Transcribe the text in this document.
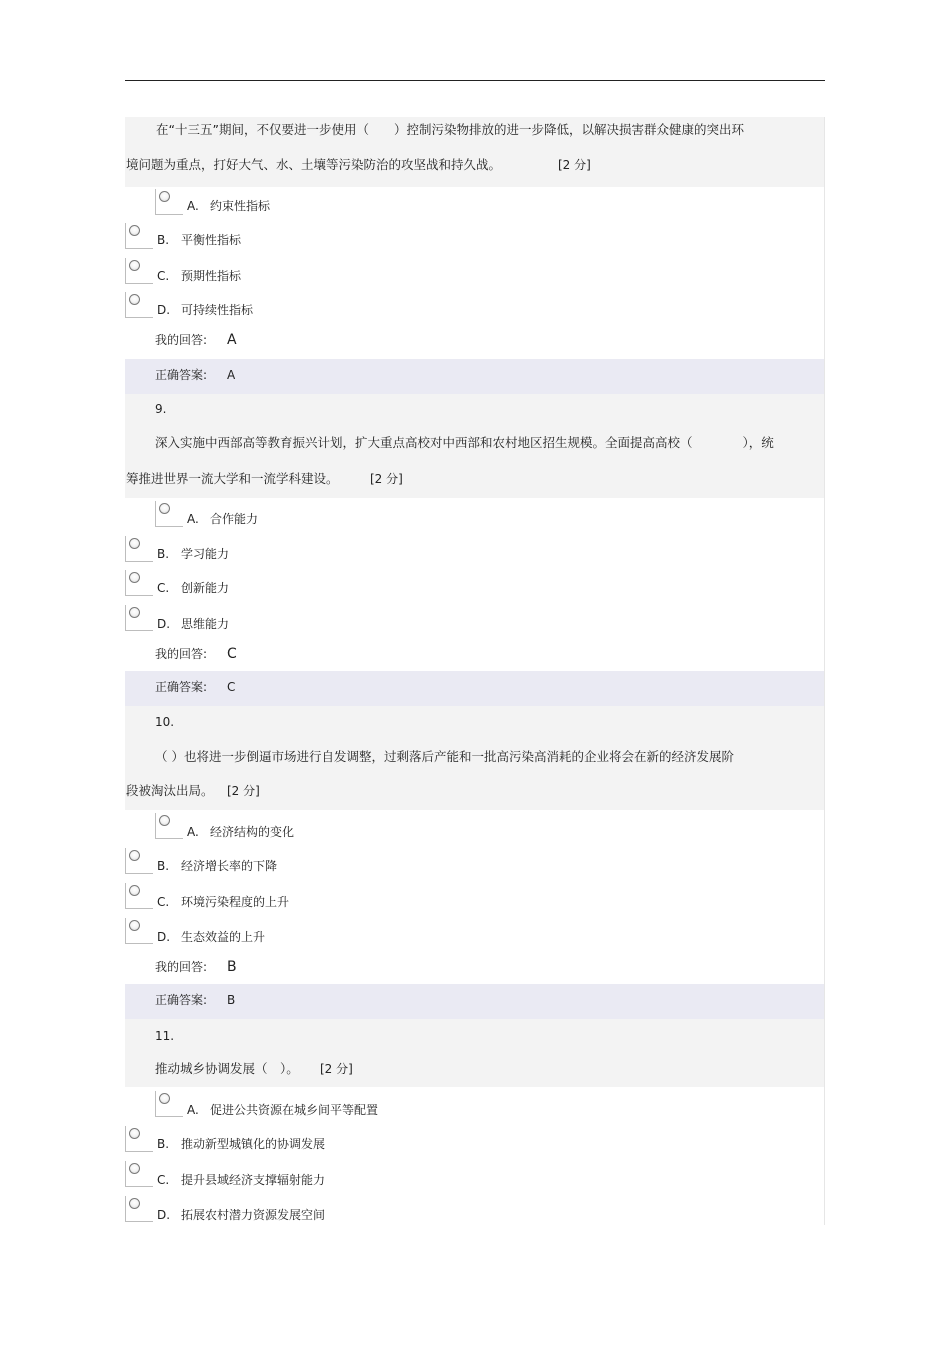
在“十三五”期间，不仅要进一步使用（　　）控制污染物排放的进一步降低，以解决损害群众健康的突出环
境问题为重点，打好大气、水、土壤等污染防治的攻坚战和持久战。	[2 分]
A. 约束性指标
B. 平衡性指标
C. 预期性指标
D. 可持续性指标
我的回答: A
正确答案: A
9.
深入实施中西部高等教育振兴计划，扩大重点高校对中西部和农村地区招生规模。全面提高高校（　　　　），统
筹推进世界一流大学和一流学科建设。	[2 分]
A. 合作能力
B. 学习能力
C. 创新能力
D. 思维能力
我的回答: C
正确答案: C
10.
（ ）也将进一步倒逼市场进行自发调整，过剩落后产能和一批高污染高消耗的企业将会在新的经济发展阶
段被淘汰出局。 [2 分]
A. 经济结构的变化
B. 经济增长率的下降
C. 环境污染程度的上升
D. 生态效益的上升
我的回答: B
正确答案: B
11.
推动城乡协调发展（　）。 [2 分]
A. 促进公共资源在城乡间平等配置
B. 推动新型城镇化的协调发展
C. 提升县域经济支撑辐射能力
D. 拓展农村潜力资源发展空间
